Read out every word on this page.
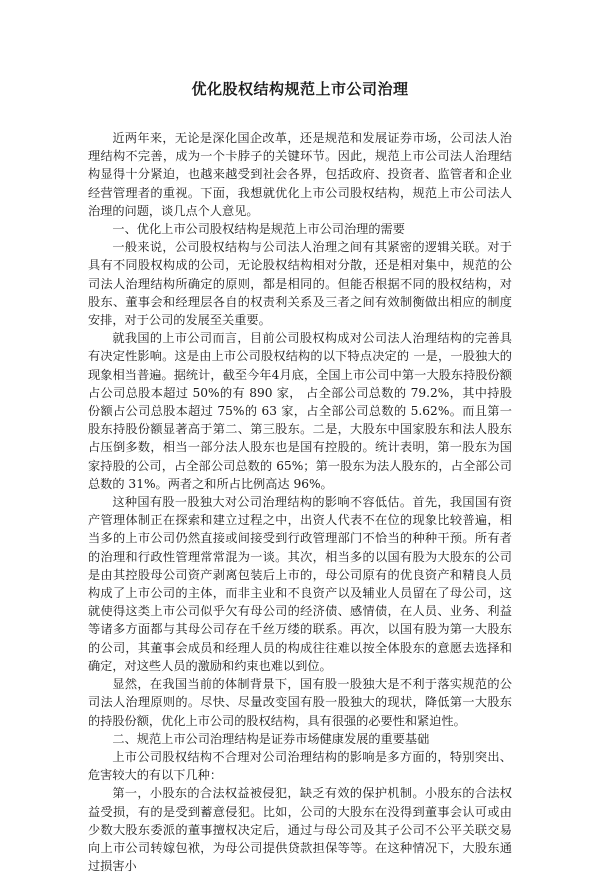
优化股权结构规范上市公司治理

近两年来，无论是深化国企改革，还是规范和发展证券市场，公司法人治理结构不完善，成为一个卡脖子的关键环节。因此，规范上市公司法人治理结构显得十分紧迫，也越来越受到社会各界，包括政府、投资者、监管者和企业经营管理者的重视。下面，我想就优化上市公司股权结构，规范上市公司法人治理的问题，谈几点个人意见。

一、优化上市公司股权结构是规范上市公司治理的需要

一般来说，公司股权结构与公司法人治理之间有其紧密的逻辑关联。对于具有不同股权构成的公司，无论股权结构相对分散，还是相对集中，规范的公司法人治理结构所确定的原则，都是相同的。但能否根据不同的股权结构，对股东、董事会和经理层各自的权责利关系及三者之间有效制衡做出相应的制度安排，对于公司的发展至关重要。

就我国的上市公司而言，目前公司股权构成对公司法人治理结构的完善具有决定性影响。这是由上市公司股权结构的以下特点决定的 一是，一股独大的现象相当普遍。据统计，截至今年4月底，全国上市公司中第一大股东持股份额占公司总股本超过 50%的有 890 家， 占全部公司总数的 79.2%，其中持股份额占公司总股本超过 75%的 63 家，占全部公司总数的 5.62%。而且第一股东持股份额显著高于第二、第三股东。二是，大股东中国家股东和法人股东占压倒多数，相当一部分法人股东也是国有控股的。统计表明，第一股东为国家持股的公司，占全部公司总数的 65%；第一股东为法人股东的，占全部公司总数的 31%。两者之和所占比例高达 96%。

这种国有股一股独大对公司治理结构的影响不容低估。首先，我国国有资产管理体制正在探索和建立过程之中，出资人代表不在位的现象比较普遍，相当多的上市公司仍然直接或间接受到行政管理部门不恰当的种种干预。所有者的治理和行政性管理常常混为一谈。其次，相当多的以国有股为大股东的公司是由其控股母公司资产剥离包装后上市的，母公司原有的优良资产和精良人员构成了上市公司的主体，而非主业和不良资产以及辅业人员留在了母公司，这就使得这类上市公司似乎欠有母公司的经济债、感情债，在人员、业务、利益等诸多方面都与其母公司存在千丝万缕的联系。再次，以国有股为第一大股东的公司，其董事会成员和经理人员的构成往往难以按全体股东的意愿去选择和确定，对这些人员的激励和约束也难以到位。

显然，在我国当前的体制背景下，国有股一股独大是不利于落实规范的公司法人治理原则的。尽快、尽量改变国有股一股独大的现状，降低第一大股东的持股份额，优化上市公司的股权结构，具有很强的必要性和紧迫性。

二、规范上市公司治理结构是证券市场健康发展的重要基础

上市公司股权结构不合理对公司治理结构的影响是多方面的，特别突出、危害较大的有以下几种：

第一，小股东的合法权益被侵犯，缺乏有效的保护机制。小股东的合法权益受损，有的是受到蓄意侵犯。比如，公司的大股东在没得到董事会认可或由少数大股东委派的董事擅权决定后，通过与母公司及其子公司不公平关联交易向上市公司转嫁包袱，为母公司提供贷款担保等等。在这种情况下，大股东通过损害小
